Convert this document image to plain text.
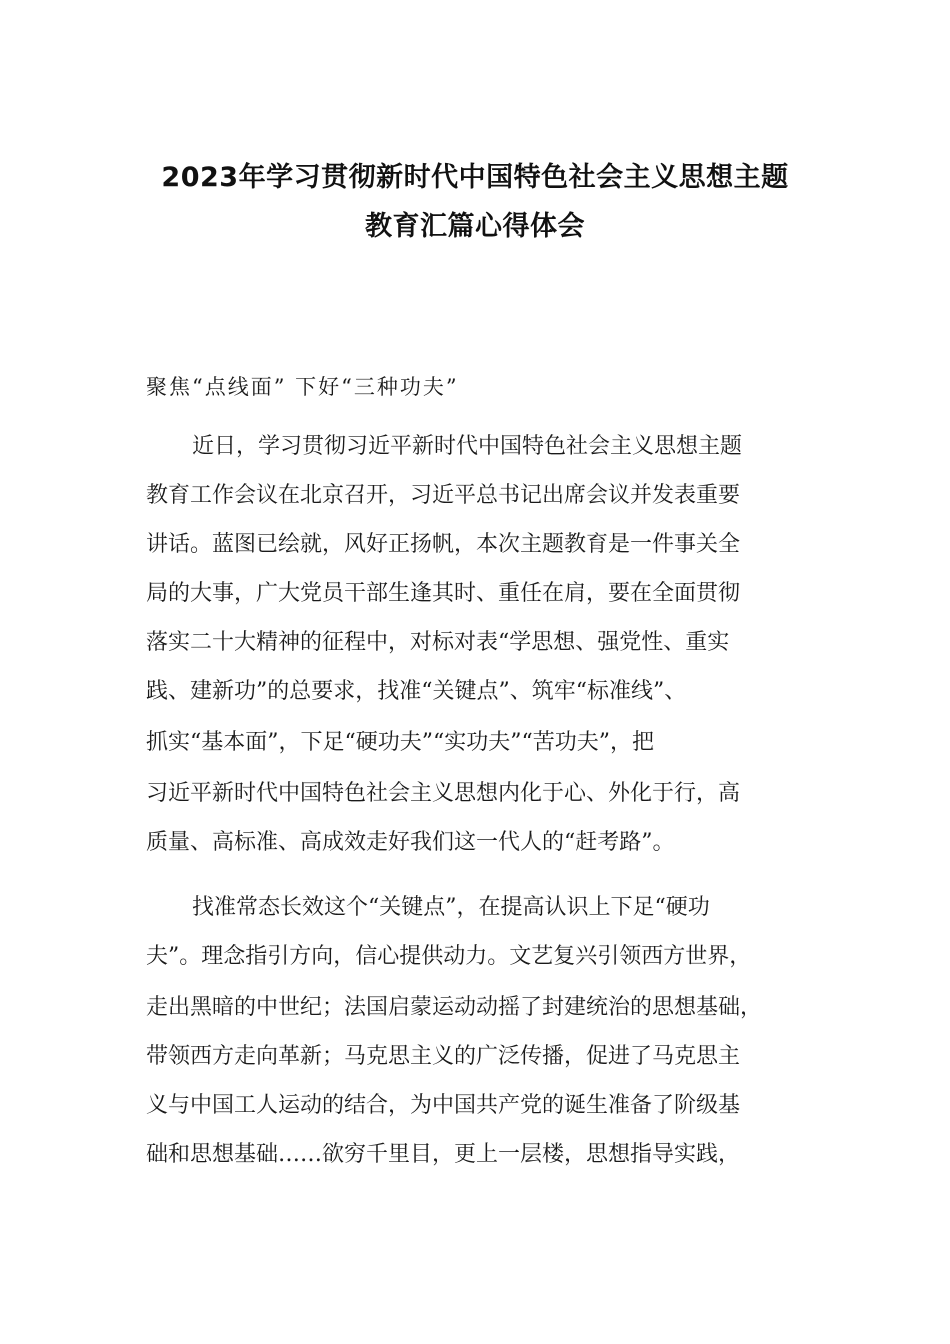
2023年学习贯彻新时代中国特色社会主义思想主题
教育汇篇心得体会
聚焦“点线面” 下好“三种功夫”
近日，学习贯彻习近平新时代中国特色社会主义思想主题
教育工作会议在北京召开，习近平总书记出席会议并发表重要
讲话。蓝图已绘就，风好正扬帆，本次主题教育是一件事关全
局的大事，广大党员干部生逢其时、重任在肩，要在全面贯彻
落实二十大精神的征程中，对标对表“学思想、强党性、重实
践、建新功”的总要求，找准“关键点”、筑牢“标准线”、
抓实“基本面”，下足“硬功夫”“实功夫”“苦功夫”，把
习近平新时代中国特色社会主义思想内化于心、外化于行，高
质量、高标准、高成效走好我们这一代人的“赶考路”。
找准常态长效这个“关键点”，在提高认识上下足“硬功
夫”。理念指引方向，信心提供动力。文艺复兴引领西方世界，
走出黑暗的中世纪；法国启蒙运动动摇了封建统治的思想基础，
带领西方走向革新；马克思主义的广泛传播，促进了马克思主
义与中国工人运动的结合，为中国共产党的诞生准备了阶级基
础和思想基础……欲穷千里目，更上一层楼，思想指导实践，
